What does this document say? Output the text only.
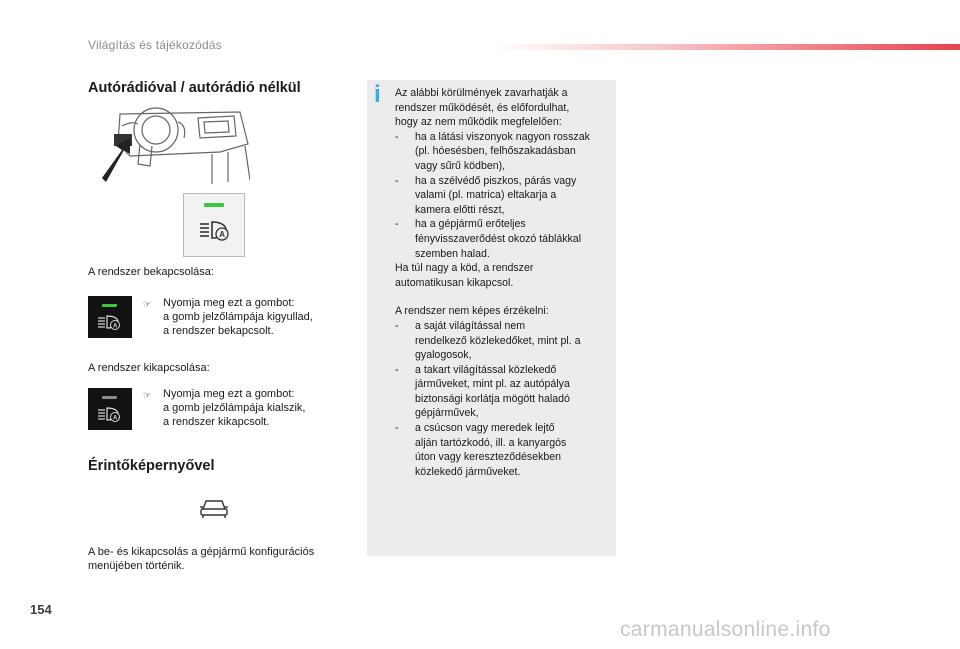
Világítás és tájékozódás
Autórádióval / autórádió nélkül
A
A rendszer bekapcsolása:
A
☞ Nyomja meg ezt a gombot:
a gomb jelzőlámpája kigyullad,
a rendszer bekapcsolt.
A rendszer kikapcsolása:
A
☞ Nyomja meg ezt a gombot:
a gomb jelzőlámpája kialszik,
a rendszer kikapcsolt.
Érintőképernyővel
A be- és kikapcsolás a gépjármű konfigurációs
menüjében történik.
i	Az alábbi körülmények zavarhatják a
rendszer működését, és előfordulhat,
hogy az nem működik megfelelően:
- ha a látási viszonyok nagyon rosszak
(pl. hóesésben, felhőszakadásban
vagy sűrű ködben),
- ha a szélvédő piszkos, párás vagy
valami (pl. matrica) eltakarja a
kamera előtti részt,
- ha a gépjármű erőteljes
fényvisszaverődést okozó táblákkal
szemben halad.
Ha túl nagy a köd, a rendszer
automatikusan kikapcsol.
A rendszer nem képes érzékelni:
- a saját világítással nem
rendelkező közlekedőket, mint pl. a
gyalogosok,
- a takart világítással közlekedő
járműveket, mint pl. az autópálya
biztonsági korlátja mögött haladó
gépjárművek,
- a csúcson vagy meredek lejtő
alján tartózkodó, ill. a kanyargós
úton vagy kereszteződésekben
közlekedő járműveket.
154
carmanualsonline.info
